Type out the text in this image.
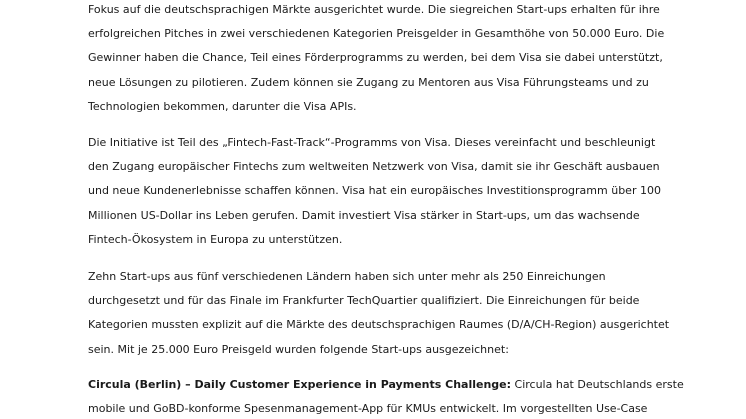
Fokus auf die deutschsprachigen Märkte ausgerichtet wurde. Die siegreichen Start-ups erhalten für ihre
erfolgreichen Pitches in zwei verschiedenen Kategorien Preisgelder in Gesamthöhe von 50.000 Euro. Die
Gewinner haben die Chance, Teil eines Förderprogramms zu werden, bei dem Visa sie dabei unterstützt,
neue Lösungen zu pilotieren. Zudem können sie Zugang zu Mentoren aus Visa Führungsteams und zu
Technologien bekommen, darunter die Visa APIs.

Die Initiative ist Teil des „Fintech-Fast-Track“-Programms von Visa. Dieses vereinfacht und beschleunigt
den Zugang europäischer Fintechs zum weltweiten Netzwerk von Visa, damit sie ihr Geschäft ausbauen
und neue Kundenerlebnisse schaffen können. Visa hat ein europäisches Investitionsprogramm über 100
Millionen US-Dollar ins Leben gerufen. Damit investiert Visa stärker in Start-ups, um das wachsende
Fintech-Ökosystem in Europa zu unterstützen.

Zehn Start-ups aus fünf verschiedenen Ländern haben sich unter mehr als 250 Einreichungen
durchgesetzt und für das Finale im Frankfurter TechQuartier qualifiziert. Die Einreichungen für beide
Kategorien mussten explizit auf die Märkte des deutschsprachigen Raumes (D/A/CH-Region) ausgerichtet
sein. Mit je 25.000 Euro Preisgeld wurden folgende Start-ups ausgezeichnet:

Circula (Berlin) – Daily Customer Experience in Payments Challenge: Circula hat Deutschlands erste
mobile und GoBD-konforme Spesenmanagement-App für KMUs entwickelt. Im vorgestellten Use-Case
